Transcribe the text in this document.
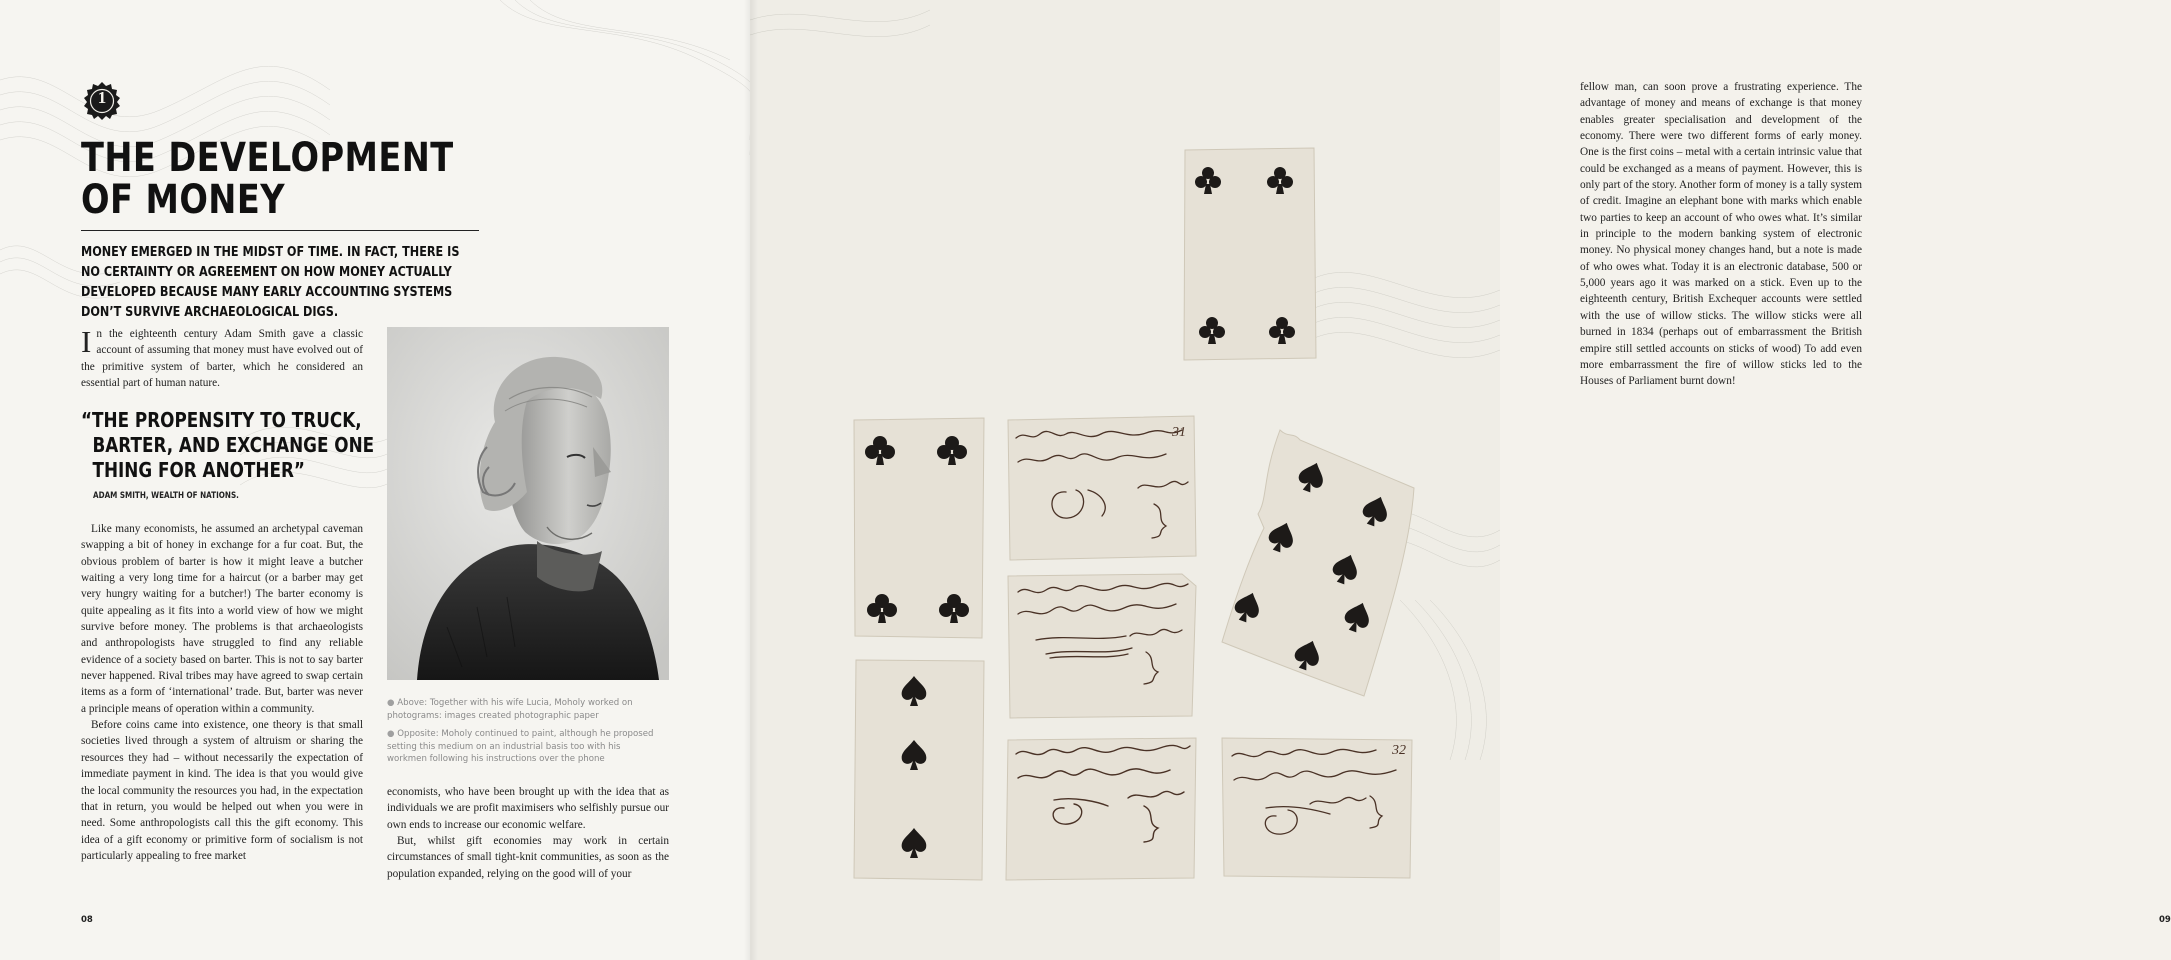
1
THE DEVELOPMENT
OF MONEY

MONEY EMERGED IN THE MIDST OF TIME. IN FACT, THERE IS NO CERTAINTY OR AGREEMENT ON HOW MONEY ACTUALLY DEVELOPED BECAUSE MANY EARLY ACCOUNTING SYSTEMS DON’T SURVIVE ARCHAEOLOGICAL DIGS.

I n the eighteenth century Adam Smith gave a classic account of assuming that money must have evolved out of the primitive system of barter, which he considered an essential part of human nature.

“THE PROPENSITY TO TRUCK,
BARTER, AND EXCHANGE ONE
THING FOR ANOTHER”
ADAM SMITH, WEALTH OF NATIONS.

Like many economists, he assumed an archetypal caveman swapping a bit of honey in exchange for a fur coat. But, the obvious problem of barter is how it might leave a butcher waiting a very long time for a haircut (or a barber may get very hungry waiting for a butcher!) The barter economy is quite appealing as it fits into a world view of how we might survive before money. The problems is that archaeologists and anthropologists have struggled to find any reliable evidence of a society based on barter. This is not to say barter never happened. Rival tribes may have agreed to swap certain items as a form of ‘international’ trade. But, barter was never a principle means of operation within a community.

Before coins came into existence, one theory is that small societies lived through a system of altruism or sharing the resources they had – without necessarily the expectation of immediate payment in kind. The idea is that you would give the local community the resources you had, in the expectation that in return, you would be helped out when you were in need. Some anthropologists call this the gift economy. This idea of a gift economy or primitive form of socialism is not particularly appealing to free market

● Above: Together with his wife Lucia, Moholy worked on photograms: images created photographic paper

● Opposite: Moholy continued to paint, although he proposed setting this medium on an industrial basis too with his workmen following his instructions over the phone

economists, who have been brought up with the idea that as individuals we are profit maximisers who selfishly pursue our own ends to increase our economic welfare.

But, whilst gift economies may work in certain circumstances of small tight-knit communities, as soon as the population expanded, relying on the good will of your

08

fellow man, can soon prove a frustrating experience. The advantage of money and means of exchange is that money enables greater specialisation and development of the economy. There were two different forms of early money. One is the first coins – metal with a certain intrinsic value that could be exchanged as a means of payment. However, this is only part of the story. Another form of money is a tally system of credit. Imagine an elephant bone with marks which enable two parties to keep an account of who owes what. It’s similar in principle to the modern banking system of electronic money. No physical money changes hand, but a note is made of who owes what. Today it is an electronic database, 500 or 5,000 years ago it was marked on a stick. Even up to the eighteenth century, British Exchequer accounts were settled with the use of willow sticks. The willow sticks were all burned in 1834 (perhaps out of embarrassment the British empire still settled accounts on sticks of wood) To add even more embarrassment the fire of willow sticks led to the Houses of Parliament burnt down!

09
31
32
